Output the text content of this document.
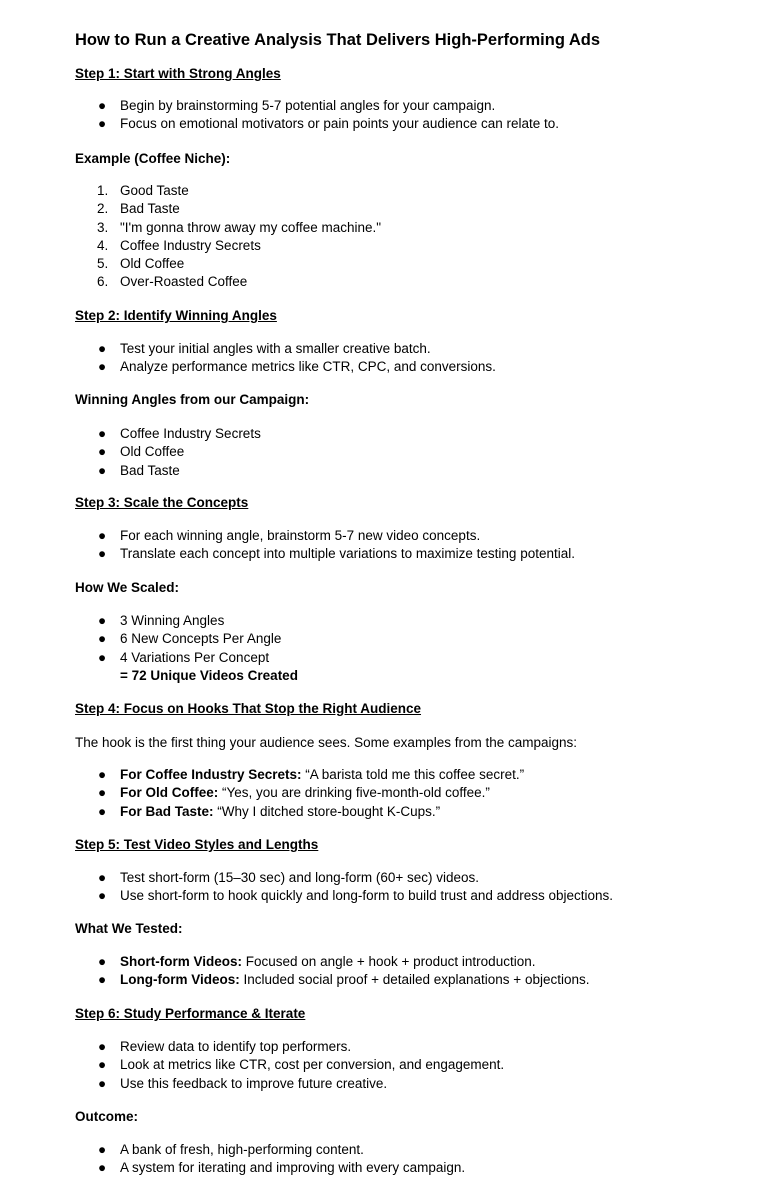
How to Run a Creative Analysis That Delivers High-Performing Ads

Step 1: Start with Strong Angles

● Begin by brainstorming 5-7 potential angles for your campaign.
● Focus on emotional motivators or pain points your audience can relate to.

Example (Coffee Niche):

1. Good Taste
2. Bad Taste
3. "I'm gonna throw away my coffee machine."
4. Coffee Industry Secrets
5. Old Coffee
6. Over-Roasted Coffee

Step 2: Identify Winning Angles

● Test your initial angles with a smaller creative batch.
● Analyze performance metrics like CTR, CPC, and conversions.

Winning Angles from our Campaign:

● Coffee Industry Secrets
● Old Coffee
● Bad Taste

Step 3: Scale the Concepts

● For each winning angle, brainstorm 5-7 new video concepts.
● Translate each concept into multiple variations to maximize testing potential.

How We Scaled:

● 3 Winning Angles
● 6 New Concepts Per Angle
● 4 Variations Per Concept
= 72 Unique Videos Created

Step 4: Focus on Hooks That Stop the Right Audience

The hook is the first thing your audience sees. Some examples from the campaigns:

● For Coffee Industry Secrets: “A barista told me this coffee secret.”
● For Old Coffee: “Yes, you are drinking five-month-old coffee.”
● For Bad Taste: “Why I ditched store-bought K-Cups.”

Step 5: Test Video Styles and Lengths

● Test short-form (15–30 sec) and long-form (60+ sec) videos.
● Use short-form to hook quickly and long-form to build trust and address objections.

What We Tested:

● Short-form Videos: Focused on angle + hook + product introduction.
● Long-form Videos: Included social proof + detailed explanations + objections.

Step 6: Study Performance & Iterate

● Review data to identify top performers.
● Look at metrics like CTR, cost per conversion, and engagement.
● Use this feedback to improve future creative.

Outcome:

● A bank of fresh, high-performing content.
● A system for iterating and improving with every campaign.
